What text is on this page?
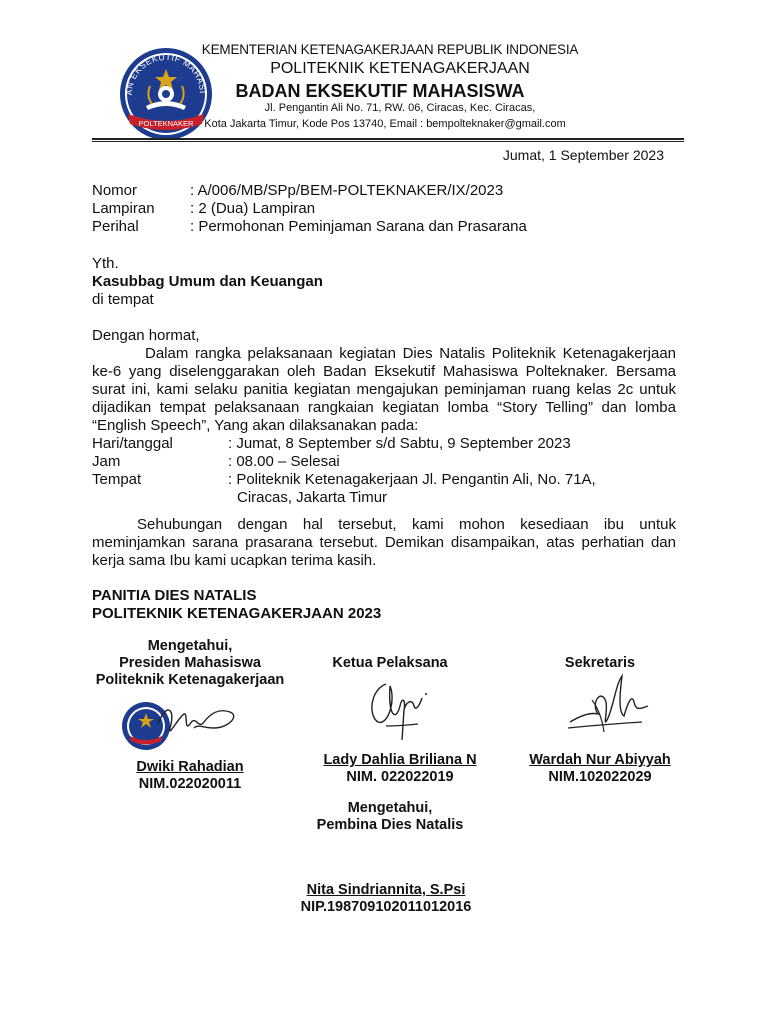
BADAN EKSEKUTIF MAHASISWA
POLTEKNAKER
KEMENTERIAN KETENAGAKERJAAN REPUBLIK INDONESIA
POLITEKNIK KETENAGAKERJAAN
BADAN EKSEKUTIF MAHASISWA
Jl. Pengantin Ali No. 71, RW. 06, Ciracas, Kec. Ciracas,
Kota Jakarta Timur, Kode Pos 13740, Email : bempolteknaker@gmail.com
Jumat, 1 September 2023
Nomor	: A/006/MB/SPp/BEM-POLTEKNAKER/IX/2023
Lampiran	: 2 (Dua) Lampiran
Perihal	: Permohonan Peminjaman Sarana dan Prasarana
Yth.
Kasubbag Umum dan Keuangan
di tempat
Dengan hormat,
Dalam rangka pelaksanaan kegiatan Dies Natalis Politeknik Ketenagakerjaan
ke-6 yang diselenggarakan oleh Badan Eksekutif Mahasiswa Polteknaker. Bersama
surat ini, kami selaku panitia kegiatan mengajukan peminjaman ruang kelas 2c untuk
dijadikan tempat pelaksanaan rangkaian kegiatan lomba “Story Telling” dan lomba
“English Speech”, Yang akan dilaksanakan pada:
Hari/tanggal	: Jumat, 8 September s/d Sabtu, 9 September 2023
Jam	: 08.00 – Selesai
Tempat	: Politeknik Ketenagakerjaan Jl. Pengantin Ali, No. 71A,
Ciracas, Jakarta Timur
Sehubungan dengan hal tersebut, kami mohon kesediaan ibu untuk
meminjamkan sarana prasarana tersebut. Demikan disampaikan, atas perhatian dan
kerja sama Ibu kami ucapkan terima kasih.
PANITIA DIES NATALIS
POLITEKNIK KETENAGAKERJAAN 2023
Mengetahui,
Presiden Mahasiswa
Politeknik Ketenagakerjaan
Dwiki Rahadian
NIM.022020011
Ketua Pelaksana
Lady Dahlia Briliana N
NIM. 022022019
Sekretaris
Wardah Nur Abiyyah
NIM.102022029
Mengetahui,
Pembina Dies Natalis
Nita Sindriannita, S.Psi
NIP.198709102011012016
